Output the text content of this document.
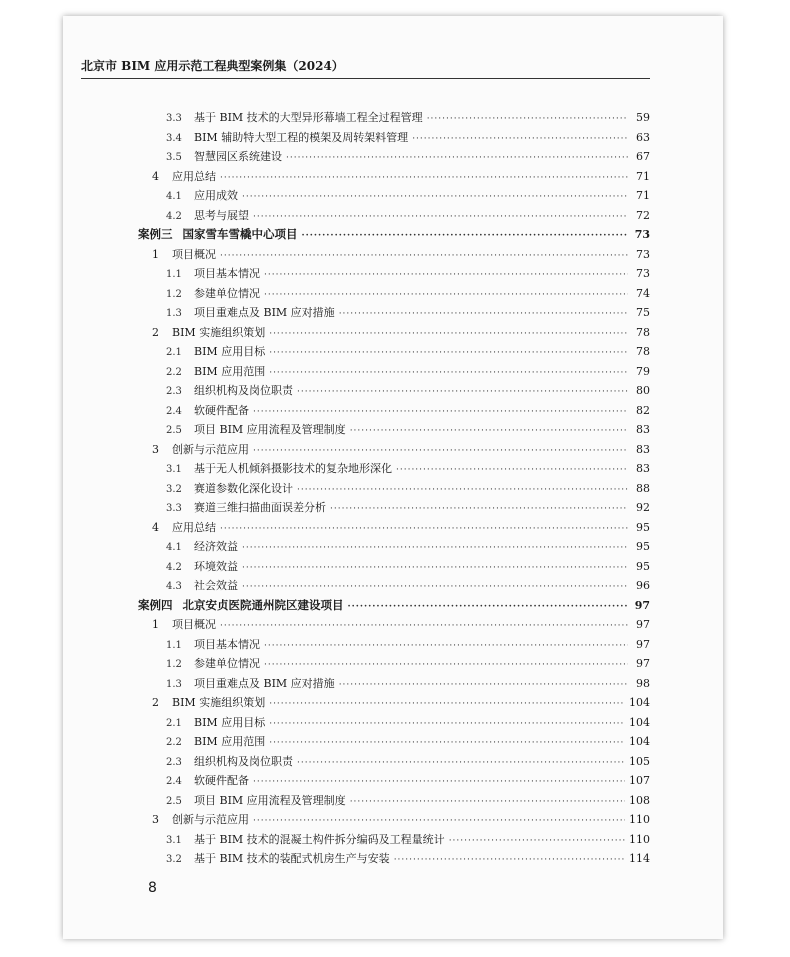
北京市 BIM 应用示范工程典型案例集（2024）
3.3	基于 BIM 技术的大型异形幕墙工程全过程管理 ·····	59
3.4	BIM 辅助特大型工程的模架及周转架料管理 ·····	63
3.5	智慧园区系统建设 ·····	67
4	应用总结 ·····	71
4.1	应用成效 ·····	71
4.2	思考与展望 ·····	72
案例三 国家雪车雪橇中心项目 ·····	73
1	项目概况 ·····	73
1.1	项目基本情况 ·····	73
1.2	参建单位情况 ·····	74
1.3	项目重难点及 BIM 应对措施 ·····	75
2	BIM 实施组织策划 ·····	78
2.1	BIM 应用目标 ·····	78
2.2	BIM 应用范围 ·····	79
2.3	组织机构及岗位职责 ·····	80
2.4	软硬件配备 ·····	82
2.5	项目 BIM 应用流程及管理制度 ·····	83
3	创新与示范应用 ·····	83
3.1	基于无人机倾斜摄影技术的复杂地形深化 ·····	83
3.2	赛道参数化深化设计 ·····	88
3.3	赛道三维扫描曲面误差分析 ·····	92
4	应用总结 ·····	95
4.1	经济效益 ·····	95
4.2	环境效益 ·····	95
4.3	社会效益 ·····	96
案例四 北京安贞医院通州院区建设项目 ·····	97
1	项目概况 ·····	97
1.1	项目基本情况 ·····	97
1.2	参建单位情况 ·····	97
1.3	项目重难点及 BIM 应对措施 ·····	98
2	BIM 实施组织策划 ·····	104
2.1	BIM 应用目标 ·····	104
2.2	BIM 应用范围 ·····	104
2.3	组织机构及岗位职责 ·····	105
2.4	软硬件配备 ·····	107
2.5	项目 BIM 应用流程及管理制度 ·····	108
3	创新与示范应用 ·····	110
3.1	基于 BIM 技术的混凝土构件拆分编码及工程量统计 ·····	110
3.2	基于 BIM 技术的装配式机房生产与安装 ·····	114
8
